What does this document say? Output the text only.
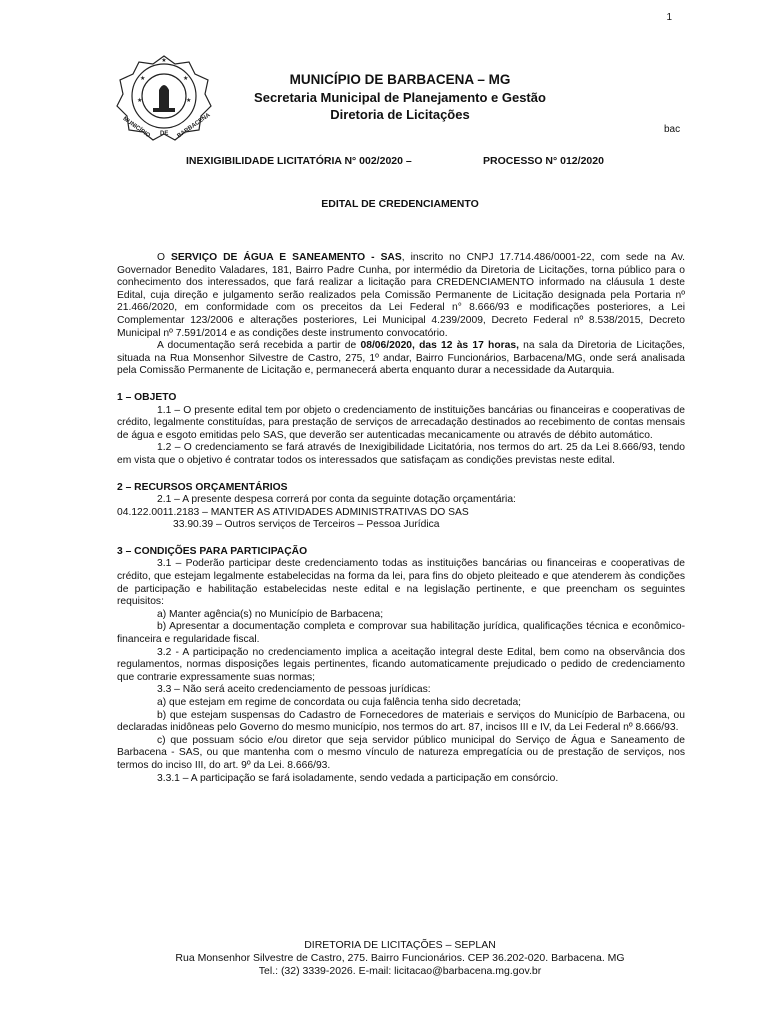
1
★
★	★
★	★
MUNICÍPIO DE BARBACENA
MUNICÍPIO DE BARBACENA – MG
Secretaria Municipal de Planejamento e Gestão
Diretoria de Licitações
bac
INEXIGIBILIDADE LICITATÓRIA N° 002/2020 –	PROCESSO N° 012/2020
EDITAL DE CREDENCIAMENTO

O SERVIÇO DE ÁGUA E SANEAMENTO - SAS, inscrito no CNPJ 17.714.486/0001-22, com sede na Av. Governador Benedito Valadares, 181, Bairro Padre Cunha, por intermédio da Diretoria de Licitações, torna público para o conhecimento dos interessados, que fará realizar a licitação para CREDENCIAMENTO informado na cláusula 1 deste Edital, cuja direção e julgamento serão realizados pela Comissão Permanente de Licitação designada pela Portaria nº 21.466/2020, em conformidade com os preceitos da Lei Federal n° 8.666/93 e modificações posteriores, a Lei Complementar 123/2006 e alterações posteriores, Lei Municipal 4.239/2009, Decreto Federal nº 8.538/2015, Decreto Municipal nº 7.591/2014 e as condições deste instrumento convocatório.

A documentação será recebida a partir de 08/06/2020, das 12 às 17 horas, na sala da Diretoria de Licitações, situada na Rua Monsenhor Silvestre de Castro, 275, 1º andar, Bairro Funcionários, Barbacena/MG, onde será analisada pela Comissão Permanente de Licitação e, permanecerá aberta enquanto durar a necessidade da Autarquia.

1 – OBJETO

1.1 – O presente edital tem por objeto o credenciamento de instituições bancárias ou financeiras e cooperativas de crédito, legalmente constituídas, para prestação de serviços de arrecadação destinados ao recebimento de contas mensais de água e esgoto emitidas pelo SAS, que deverão ser autenticadas mecanicamente ou através de débito automático.

1.2 – O credenciamento se fará através de Inexigibilidade Licitatória, nos termos do art. 25 da Lei 8.666/93, tendo em vista que o objetivo é contratar todos os interessados que satisfaçam as condições previstas neste edital.

2 – RECURSOS ORÇAMENTÁRIOS

2.1 – A presente despesa correrá por conta da seguinte dotação orçamentária:

04.122.0011.2183 – MANTER AS ATIVIDADES ADMINISTRATIVAS DO SAS

33.90.39 – Outros serviços de Terceiros – Pessoa Jurídica

3 – CONDIÇÕES PARA PARTICIPAÇÃO

3.1 – Poderão participar deste credenciamento todas as instituições bancárias ou financeiras e cooperativas de crédito, que estejam legalmente estabelecidas na forma da lei, para fins do objeto pleiteado e que atenderem às condições de participação e habilitação estabelecidas neste edital e na legislação pertinente, e que preencham os seguintes requisitos:

a) Manter agência(s) no Município de Barbacena;

b) Apresentar a documentação completa e comprovar sua habilitação jurídica, qualificações técnica e econômico-financeira e regularidade fiscal.

3.2 - A participação no credenciamento implica a aceitação integral deste Edital, bem como na observância dos regulamentos, normas disposições legais pertinentes, ficando automaticamente prejudicado o pedido de credenciamento que contrarie expressamente suas normas;

3.3 – Não será aceito credenciamento de pessoas jurídicas:

a) que estejam em regime de concordata ou cuja falência tenha sido decretada;

b) que estejam suspensas do Cadastro de Fornecedores de materiais e serviços do Município de Barbacena, ou declaradas inidôneas pelo Governo do mesmo município, nos termos do art. 87, incisos III e IV, da Lei Federal nº 8.666/93.

c) que possuam sócio e/ou diretor que seja servidor público municipal do Serviço de Água e Saneamento de Barbacena - SAS, ou que mantenha com o mesmo vínculo de natureza empregatícia ou de prestação de serviços, nos termos do inciso III, do art. 9º da Lei. 8.666/93.

3.3.1 – A participação se fará isoladamente, sendo vedada a participação em consórcio.

DIRETORIA DE LICITAÇÕES – SEPLAN
Rua Monsenhor Silvestre de Castro, 275. Bairro Funcionários. CEP 36.202-020. Barbacena. MG
Tel.: (32) 3339-2026. E-mail: licitacao@barbacena.mg.gov.br
